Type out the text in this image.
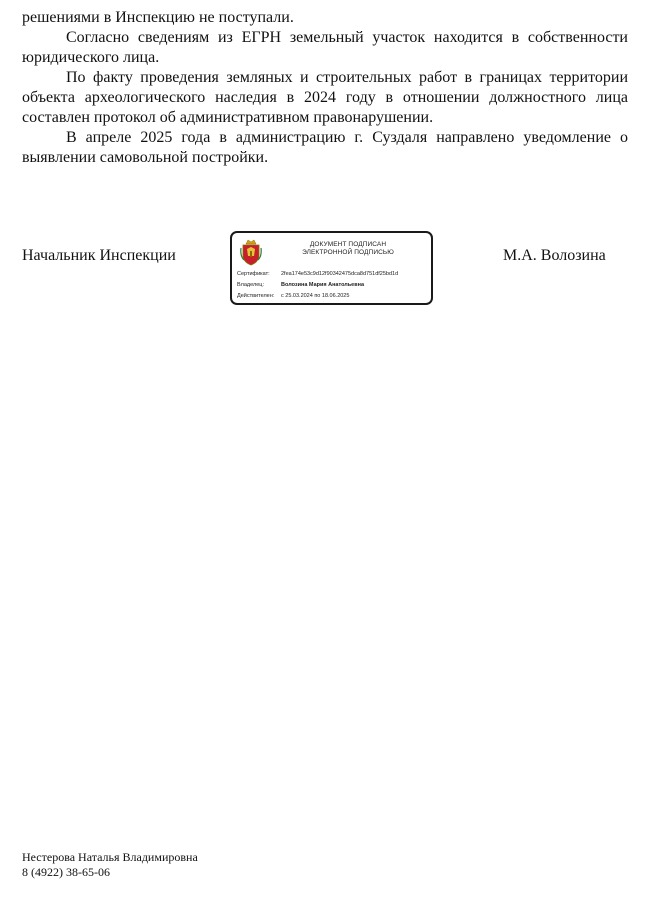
решениями в Инспекцию не поступали.

Согласно сведениям из ЕГРН земельный участок находится в собственности юридического лица.

По факту проведения земляных и строительных работ в границах территории объекта археологического наследия в 2024 году в отношении должностного лица составлен протокол об административном правонарушении.

В апреле 2025 года в администрацию г. Суздаля направлено уведомление о выявлении самовольной постройки.

Начальник Инспекции
ДОКУМЕНТ ПОДПИСАН
ЭЛЕКТРОННОЙ ПОДПИСЬЮ
Сертификат: 2fea174e53c9d12f90342475dca8d751df25bd1d
Владелец:	Волозина Мария Анатольевна
Действителен: с 25.03.2024 по 18.06.2025
М.А. Волозина
Нестерова Наталья Владимировна
8 (4922) 38-65-06
